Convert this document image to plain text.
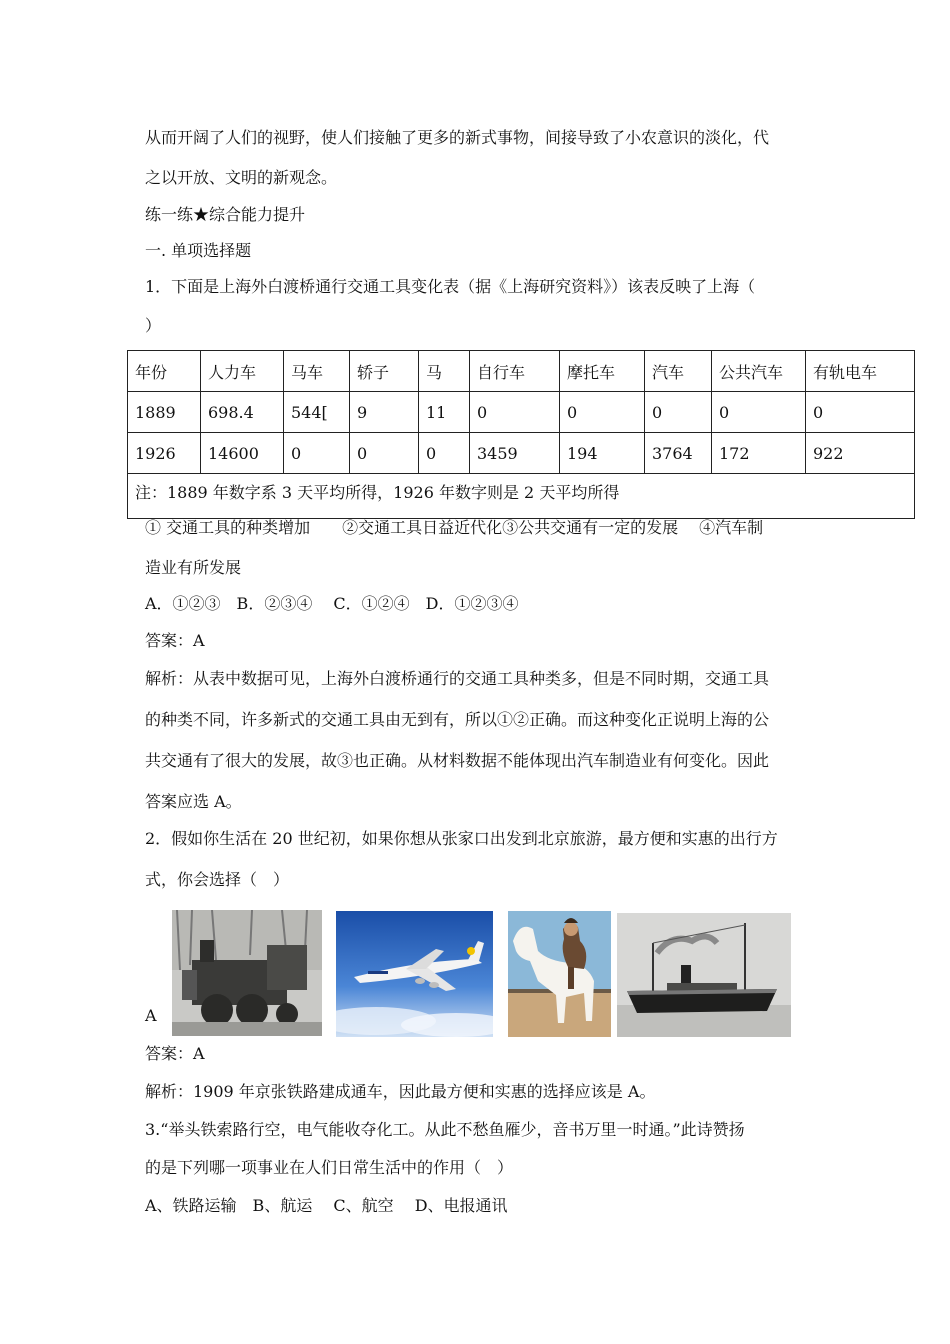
从而开阔了人们的视野，使人们接触了更多的新式事物，间接导致了小农意识的淡化，代
之以开放、文明的新观念。
练一练★综合能力提升
一. 单项选择题
1．下面是上海外白渡桥通行交通工具变化表（据《上海研究资料》）该表反映了上海（
）
年份	人力车	马车	轿子	马	自行车	摩托车	汽车	公共汽车	有轨电车
1889	698.4	544[	9	11	0	0	0	0	0
1926	14600	0	0	0	3459	194	3764	172	922
注：1889 年数字系 3 天平均所得，1926 年数字则是 2 天平均所得									
① 交通工具的种类增加　　②交通工具日益近代化③公共交通有一定的发展　 ④汽车制
造业有所发展
A．①②③　B．②③④　 C．①②④　D．①②③④
答案：A
解析：从表中数据可见，上海外白渡桥通行的交通工具种类多，但是不同时期，交通工具
的种类不同，许多新式的交通工具由无到有，所以①②正确。而这种变化正说明上海的公
共交通有了很大的发展，故③也正确。从材料数据不能体现出汽车制造业有何变化。因此
答案应选 A。
2．假如你生活在 20 世纪初，如果你想从张家口出发到北京旅游，最方便和实惠的出行方
式，你会选择（　）
A
答案：A
解析：1909 年京张铁路建成通车，因此最方便和实惠的选择应该是 A。
3.“举头铁索路行空，电气能收夺化工。从此不愁鱼雁少，音书万里一时通。”此诗赞扬
的是下列哪一项事业在人们日常生活中的作用（　）
A、铁路运输　B、航运　 C、航空　 D、电报通讯
